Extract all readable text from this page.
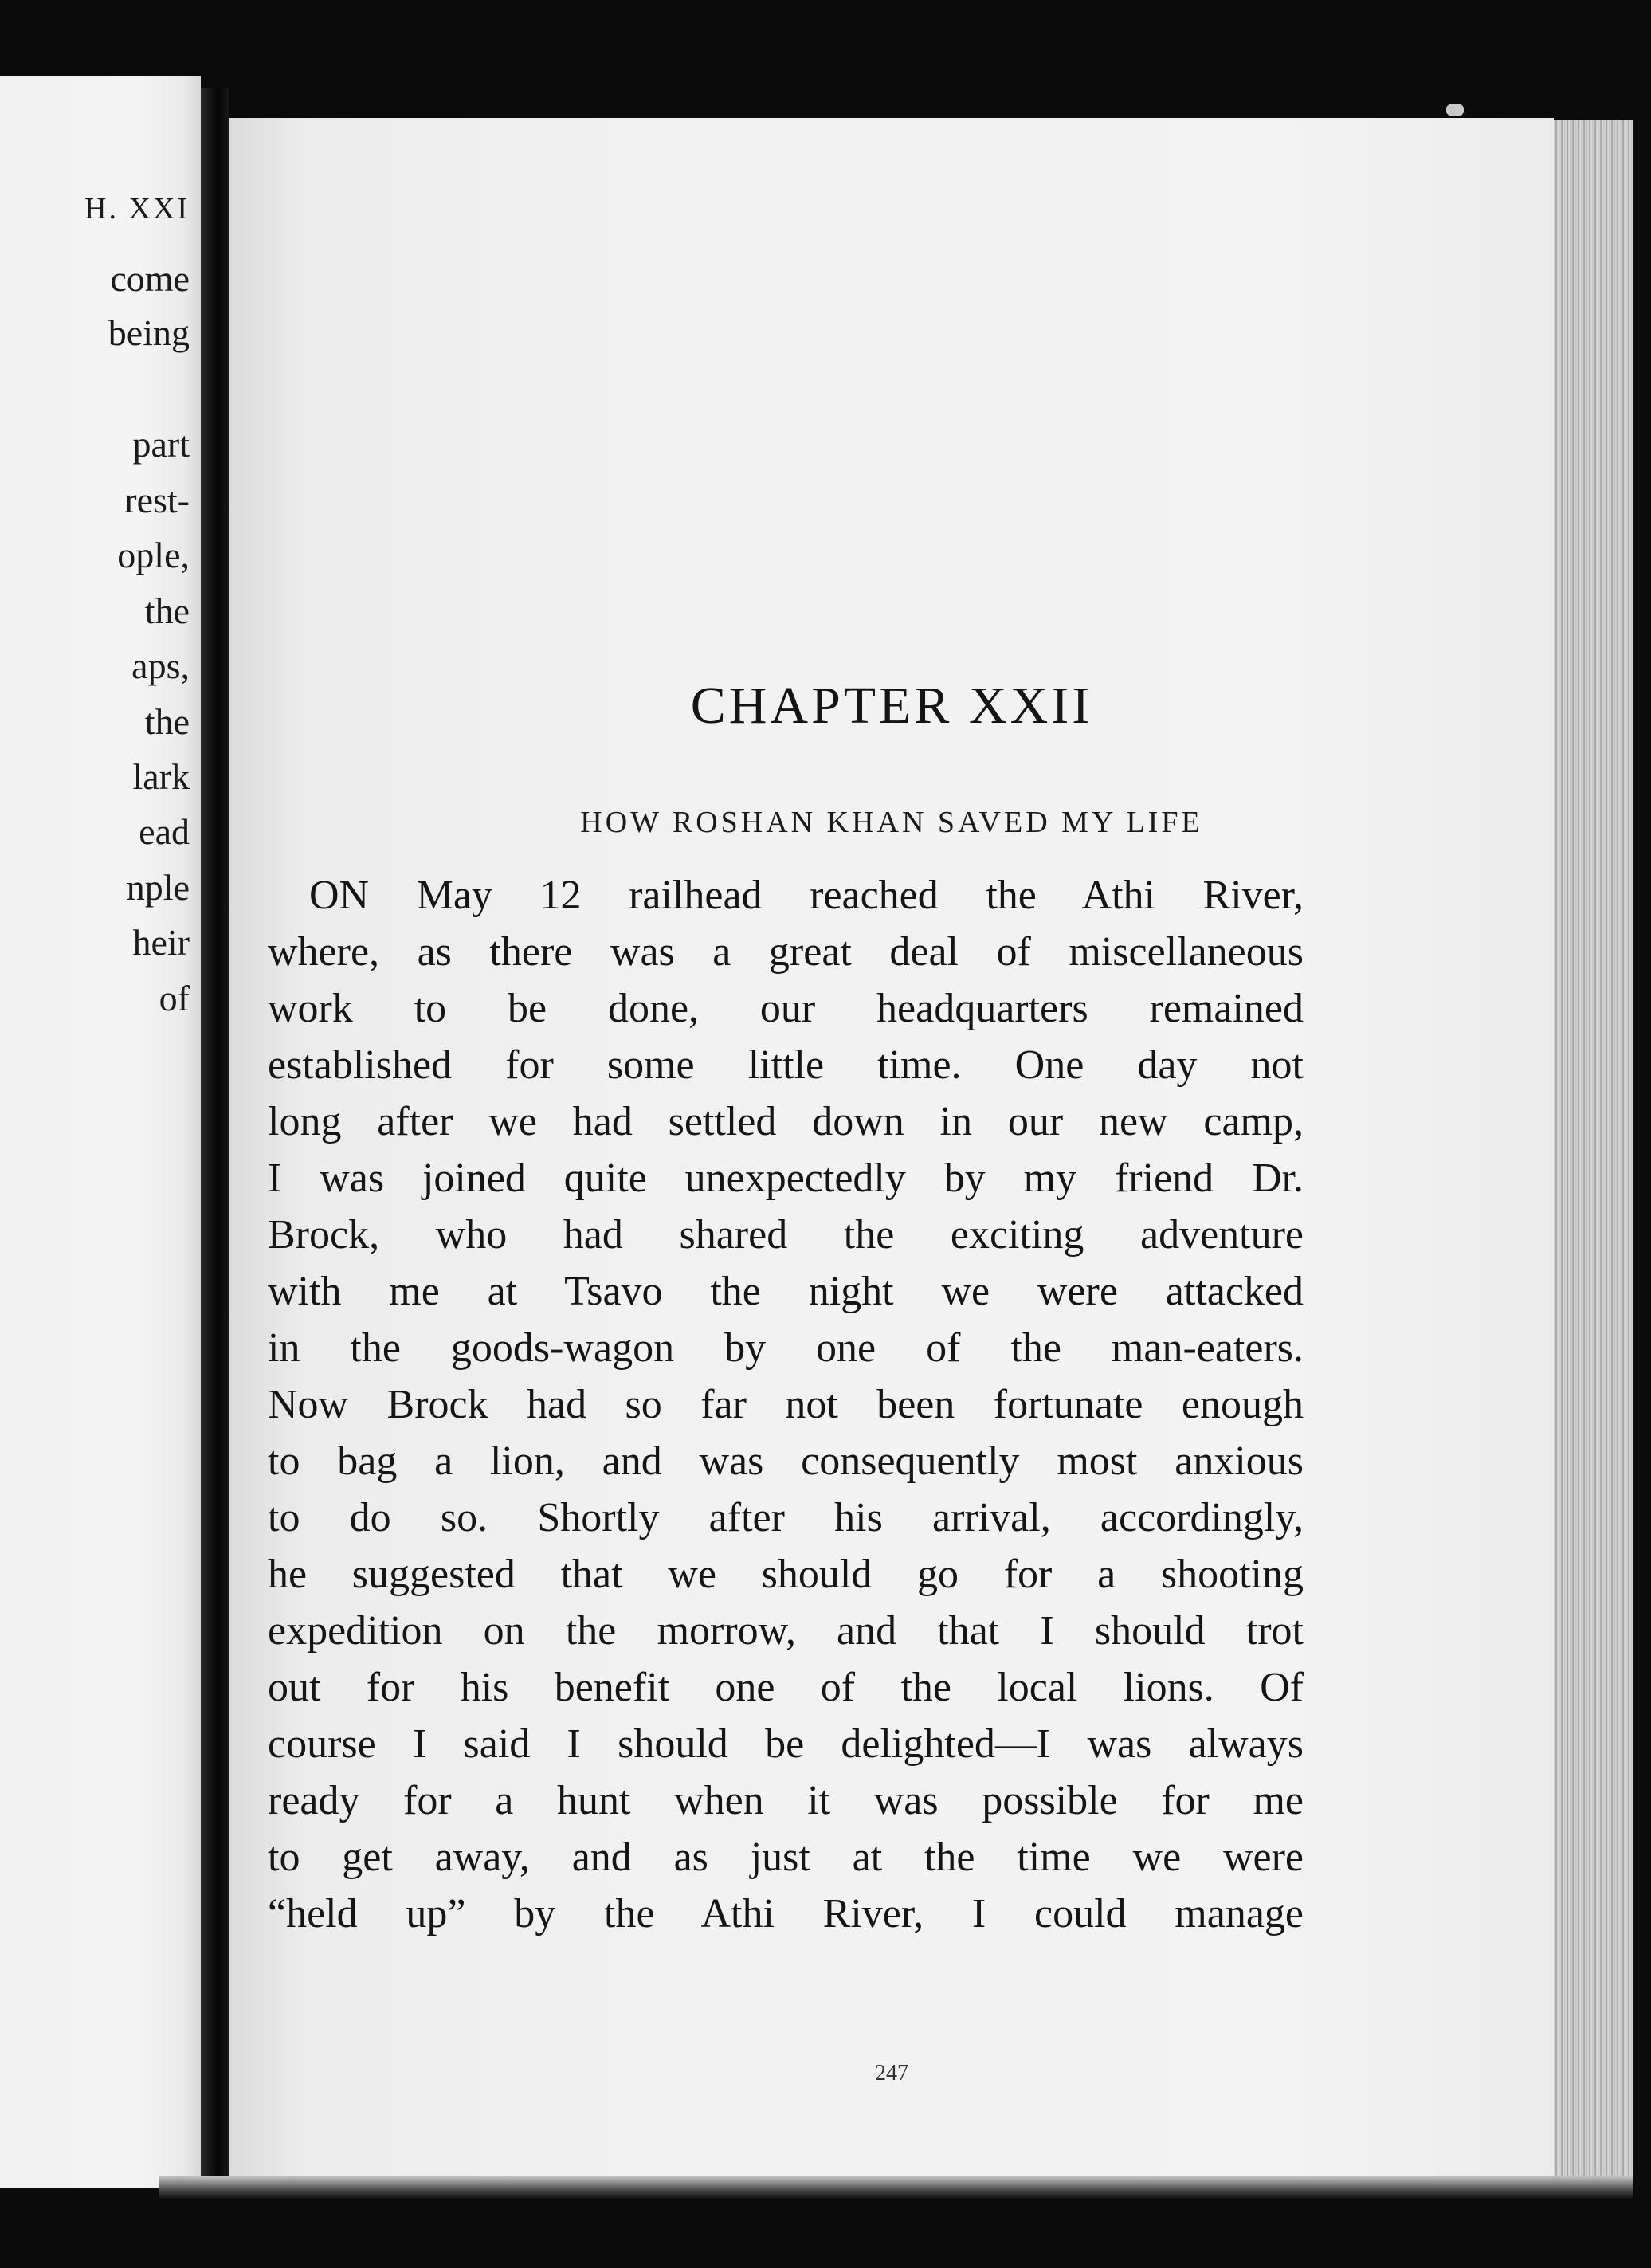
H. XXI
come
being
part
rest-
ople,
the
aps,
the
lark
ead
nple
heir
of
CHAPTER XXII
HOW ROSHAN KHAN SAVED MY LIFE
ON May 12 railhead reached the Athi River,
where, as there was a great deal of miscellaneous
work to be done, our headquarters remained
established for some little time. One day not
long after we had settled down in our new camp,
I was joined quite unexpectedly by my friend Dr.
Brock, who had shared the exciting adventure
with me at Tsavo the night we were attacked
in the goods-wagon by one of the man-eaters.
Now Brock had so far not been fortunate enough
to bag a lion, and was consequently most anxious
to do so. Shortly after his arrival, accordingly,
he suggested that we should go for a shooting
expedition on the morrow, and that I should trot
out for his benefit one of the local lions. Of
course I said I should be delighted—I was always
ready for a hunt when it was possible for me
to get away, and as just at the time we were
“held up” by the Athi River, I could manage
247
